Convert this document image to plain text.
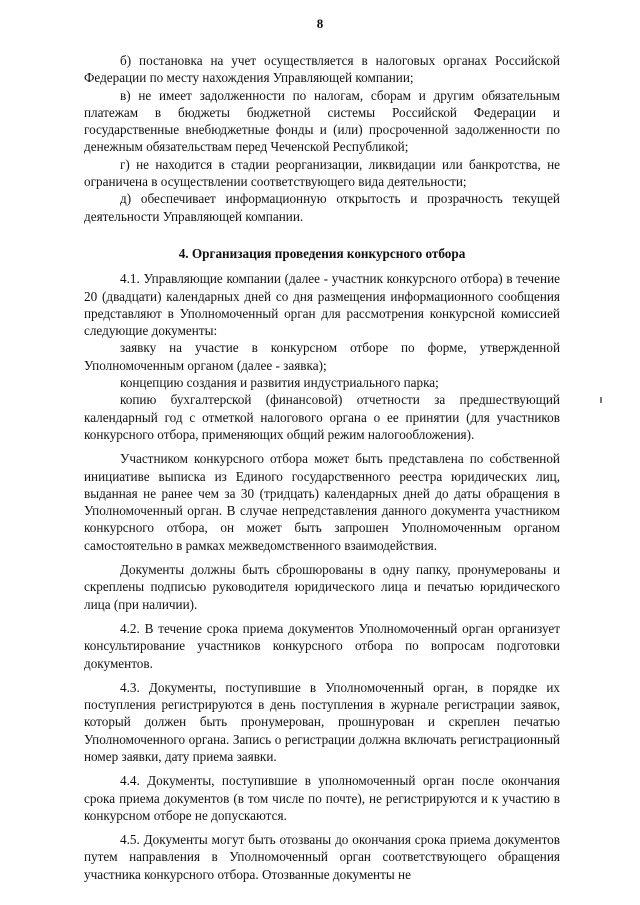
8

б) постановка на учет осуществляется в налоговых органах Российской Федерации по месту нахождения Управляющей компании;

в) не имеет задолженности по налогам, сборам и другим обязательным платежам в бюджеты бюджетной системы Российской Федерации и государственные внебюджетные фонды и (или) просроченной задолженности по денежным обязательствам перед Чеченской Республикой;

г) не находится в стадии реорганизации, ликвидации или банкротства, не ограничена в осуществлении соответствующего вида деятельности;

д) обеспечивает информационную открытость и прозрачность текущей деятельности Управляющей компании.

4. Организация проведения конкурсного отбора

4.1. Управляющие компании (далее - участник конкурсного отбора) в течение 20 (двадцати) календарных дней со дня размещения информационного сообщения представляют в Уполномоченный орган для рассмотрения конкурсной комиссией следующие документы:

заявку на участие в конкурсном отборе по форме, утвержденной Уполномоченным органом (далее - заявка);

концепцию создания и развития индустриального парка;

копию бухгалтерской (финансовой) отчетности за предшествующий календарный год с отметкой налогового органа о ее принятии (для участников конкурсного отбора, применяющих общий режим налогообложения).

Участником конкурсного отбора может быть представлена по собственной инициативе выписка из Единого государственного реестра юридических лиц, выданная не ранее чем за 30 (тридцать) календарных дней до даты обращения в Уполномоченный орган. В случае непредставления данного документа участником конкурсного отбора, он может быть запрошен Уполномоченным органом самостоятельно в рамках межведомственного взаимодействия.

Документы должны быть сброшюрованы в одну папку, пронумерованы и скреплены подписью руководителя юридического лица и печатью юридического лица (при наличии).

4.2. В течение срока приема документов Уполномоченный орган организует консультирование участников конкурсного отбора по вопросам подготовки документов.

4.3. Документы, поступившие в Уполномоченный орган, в порядке их поступления регистрируются в день поступления в журнале регистрации заявок, который должен быть пронумерован, прошнурован и скреплен печатью Уполномоченного органа. Запись о регистрации должна включать регистрационный номер заявки, дату приема заявки.

4.4. Документы, поступившие в уполномоченный орган после окончания срока приема документов (в том числе по почте), не регистрируются и к участию в конкурсном отборе не допускаются.

4.5. Документы могут быть отозваны до окончания срока приема документов путем направления в Уполномоченный орган соответствующего обращения участника конкурсного отбора. Отозванные документы не
